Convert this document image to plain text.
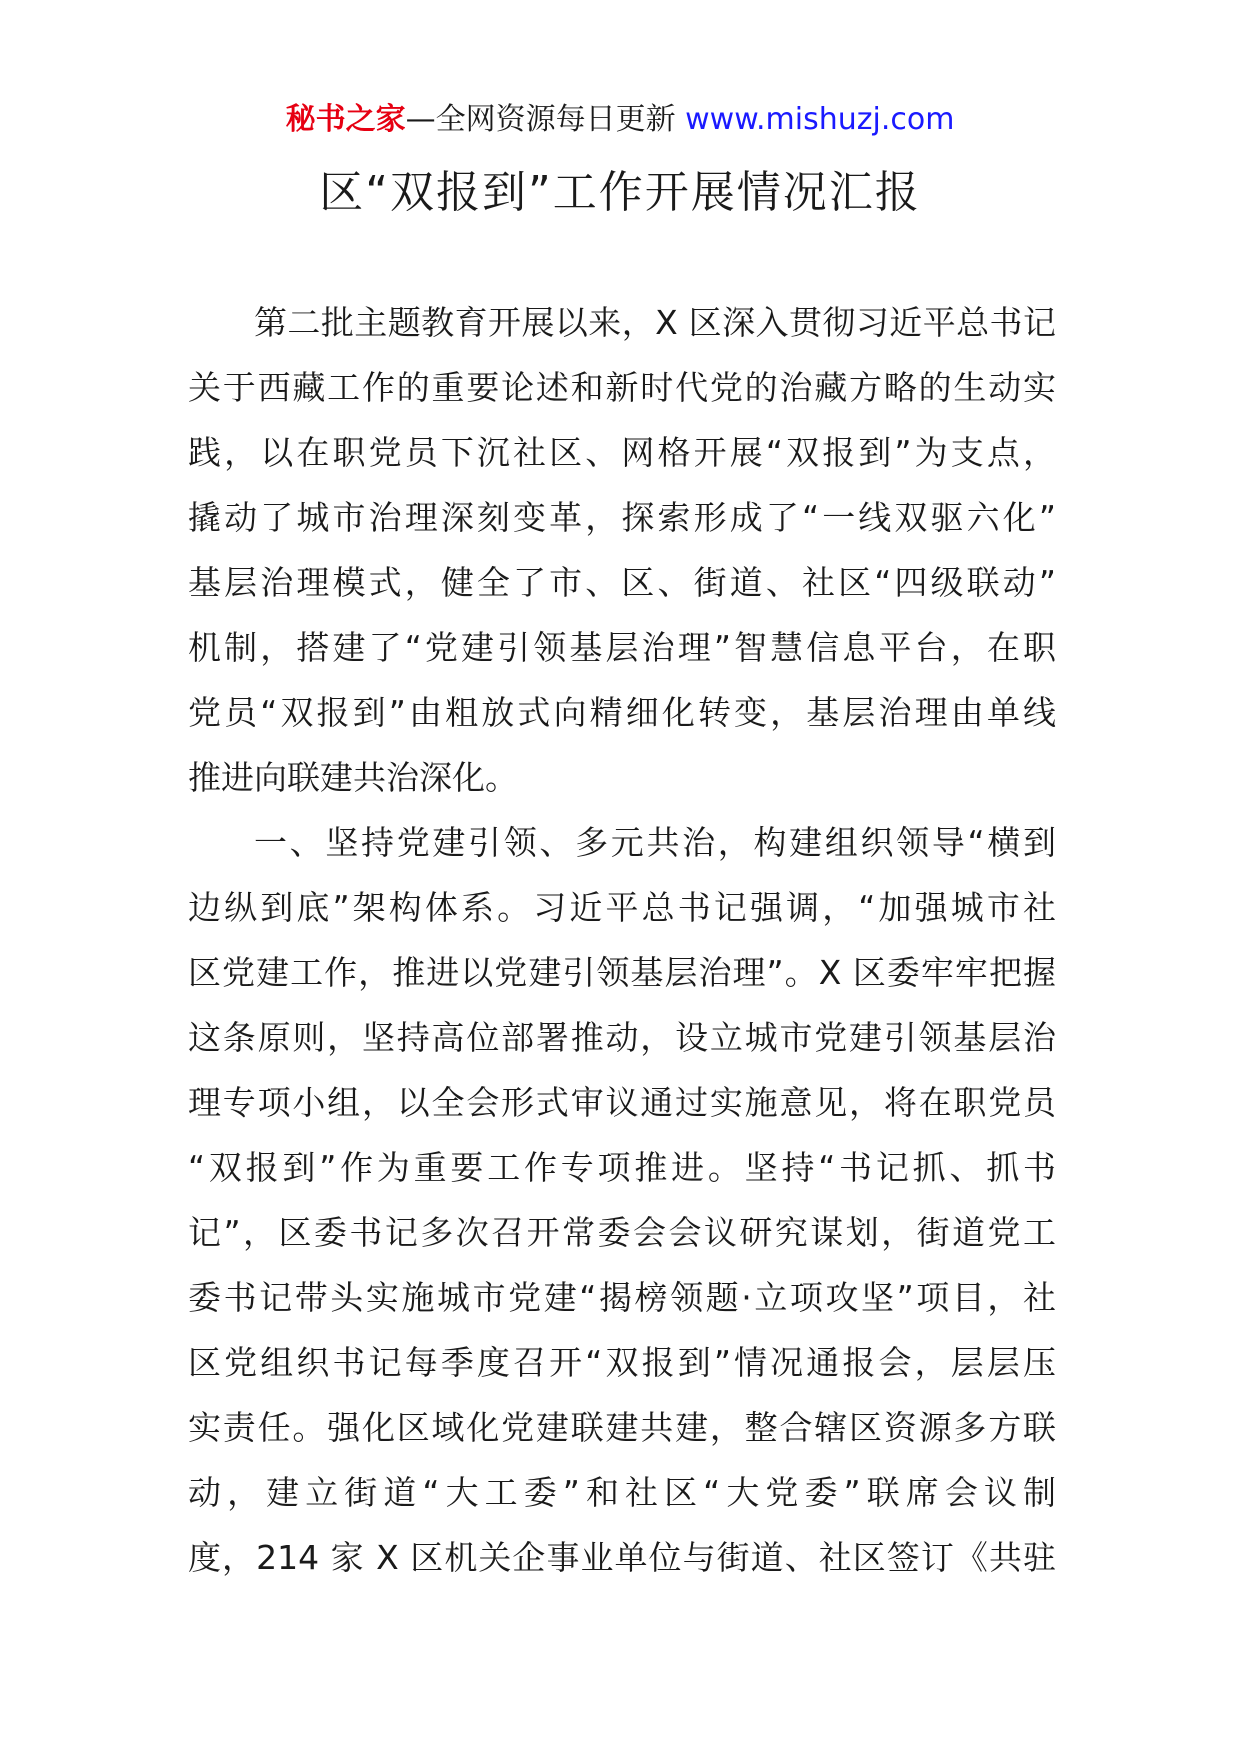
秘书之家—全网资源每日更新 www.mishuzj.com
区“双报到”工作开展情况汇报
第二批主题教育开展以来，X 区深入贯彻习近平总书记
关于西藏工作的重要论述和新时代党的治藏方略的生动实
践，以在职党员下沉社区、网格开展“双报到”为支点，
撬动了城市治理深刻变革，探索形成了“一线双驱六化”
基层治理模式，健全了市、区、街道、社区“四级联动”
机制，搭建了“党建引领基层治理”智慧信息平台，在职
党员“双报到”由粗放式向精细化转变，基层治理由单线
推进向联建共治深化。
一、坚持党建引领、多元共治，构建组织领导“横到
边纵到底”架构体系。习近平总书记强调，“加强城市社
区党建工作，推进以党建引领基层治理”。X 区委牢牢把握
这条原则，坚持高位部署推动，设立城市党建引领基层治
理专项小组，以全会形式审议通过实施意见，将在职党员
“双报到”作为重要工作专项推进。坚持“书记抓、抓书
记”，区委书记多次召开常委会会议研究谋划，街道党工
委书记带头实施城市党建“揭榜领题·立项攻坚”项目，社
区党组织书记每季度召开“双报到”情况通报会，层层压
实责任。强化区域化党建联建共建，整合辖区资源多方联
动，建立街道“大工委”和社区“大党委”联席会议制
度，214 家 X 区机关企事业单位与街道、社区签订《共驻
